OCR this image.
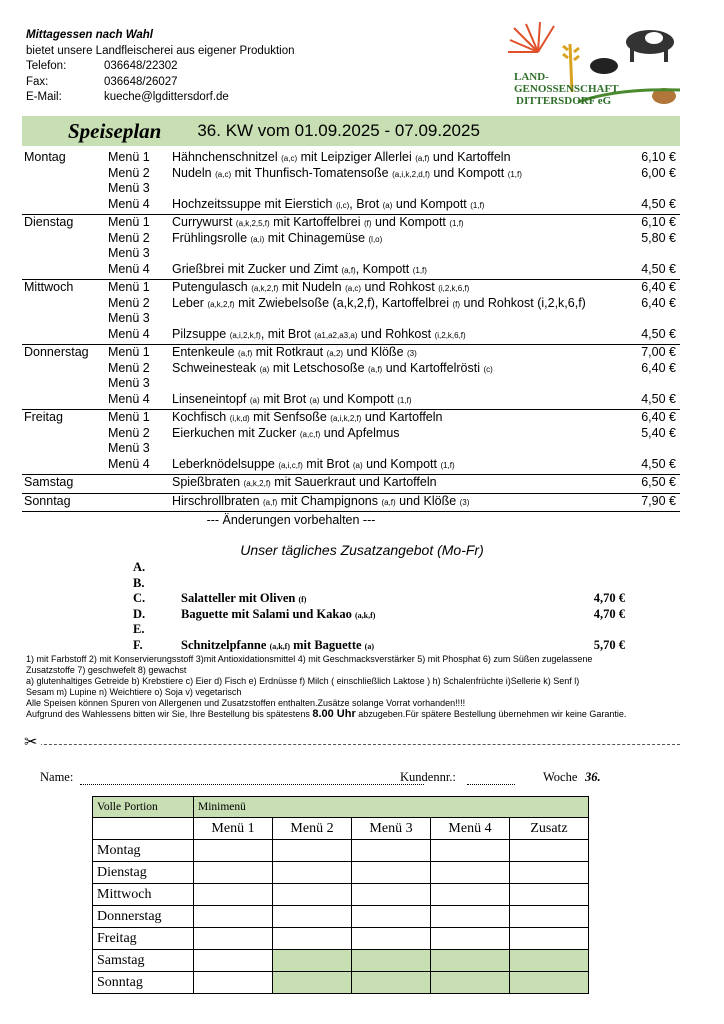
Mittagessen nach Wahl
bietet unsere Landfleischerei aus eigener Produktion
Telefon:	036648/22302
Fax:	036648/26027
E-Mail:	kueche@lgdittersdorf.de
LAND-
GENOSSENSCHAFT
DITTERSDORF eG
Speiseplan 36. KW vom 01.09.2025 - 07.09.2025
Montag	Menü 1	Hähnchenschnitzel (a,c) mit Leipziger Allerlei (a,f) und Kartoffeln	6,10 €
Menü 2	Nudeln (a,c) mit Thunfisch-Tomatensoße (a,i,k,2,d,f) und Kompott (1,f)	6,00 €
Menü 3
Menü 4	Hochzeitssuppe mit Eierstich (i,c), Brot (a) und Kompott (1,f)	4,50 €
Dienstag	Menü 1	Currywurst (a,k,2,5,f) mit Kartoffelbrei (f) und Kompott (1,f)	6,10 €
Menü 2	Frühlingsrolle (a,i) mit Chinagemüse (l,o)	5,80 €
Menü 3
Menü 4	Grießbrei mit Zucker und Zimt (a,f), Kompott (1,f)	4,50 €
Mittwoch	Menü 1	Putengulasch (a,k,2,f) mit Nudeln (a,c) und Rohkost (i,2,k,6,f)	6,40 €
Menü 2	Leber (a,k,2,f) mit Zwiebelsoße (a,k,2,f), Kartoffelbrei (f) und Rohkost (i,2,k,6,f)	6,40 €
Menü 3
Menü 4	Pilzsuppe (a,i,2,k,f), mit Brot (a1,a2,a3,a) und Rohkost (i,2,k,6,f)	4,50 €
Donnerstag	Menü 1	Entenkeule (a,f) mit Rotkraut (a,2) und Klöße (3)	7,00 €
Menü 2	Schweinesteak (a) mit Letschosoße (a,f) und Kartoffelrösti (c)	6,40 €
Menü 3
Menü 4	Linseneintopf (a) mit Brot (a) und Kompott (1,f)	4,50 €
Freitag	Menü 1	Kochfisch (i,k,d) mit Senfsoße (a,i,k,2,f) und Kartoffeln	6,40 €
Menü 2	Eierkuchen mit Zucker (a,c,f) und Apfelmus	5,40 €
Menü 3
Menü 4	Leberknödelsuppe (a,i,c,f) mit Brot (a) und Kompott (1,f)	4,50 €
Samstag	Spießbraten (a,k,2,f) mit Sauerkraut und Kartoffeln	6,50 €
Sonntag	Hirschrollbraten (a,f) mit Champignons (a,f) und Klöße (3)	7,90 €
--- Änderungen vorbehalten ---
Unser tägliches Zusatzangebot (Mo-Fr)
A.
B.
C.	Salatteller mit Oliven (f)	4,70 €
D.	Baguette mit Salami und Kakao (a,k,f)	4,70 €
E.
F.	Schnitzelpfanne (a,k,f) mit Baguette (a)	5,70 €
1) mit Farbstoff 2) mit Konservierungsstoff 3)mit Antioxidationsmittel 4) mit Geschmacksverstärker 5) mit Phosphat 6) zum Süßen zugelassene
Zusatzstoffe 7) geschwefelt 8) gewachst
a) glutenhaltiges Getreide b) Krebstiere c) Eier d) Fisch e) Erdnüsse f) Milch ( einschließlich Laktose ) h) Schalenfrüchte i)Sellerie k) Senf l)
Sesam m) Lupine n) Weichtiere o) Soja v) vegetarisch
Alle Speisen können Spuren von Allergenen und Zusatzstoffen enthalten.Zusätze solange Vorrat vorhanden!!!!
Aufgrund des Wahlessens bitten wir Sie, Ihre Bestellung bis spätestens 8.00 Uhr abzugeben.Für spätere Bestellung übernehmen wir keine Garantie.
✂
Name:	Kundennr.:	Woche 36.
Volle Portion	Minimenü				
	Menü 1	Menü 2	Menü 3	Menü 4	Zusatz
Montag					
Dienstag					
Mittwoch					
Donnerstag					
Freitag					
Samstag					
Sonntag					
